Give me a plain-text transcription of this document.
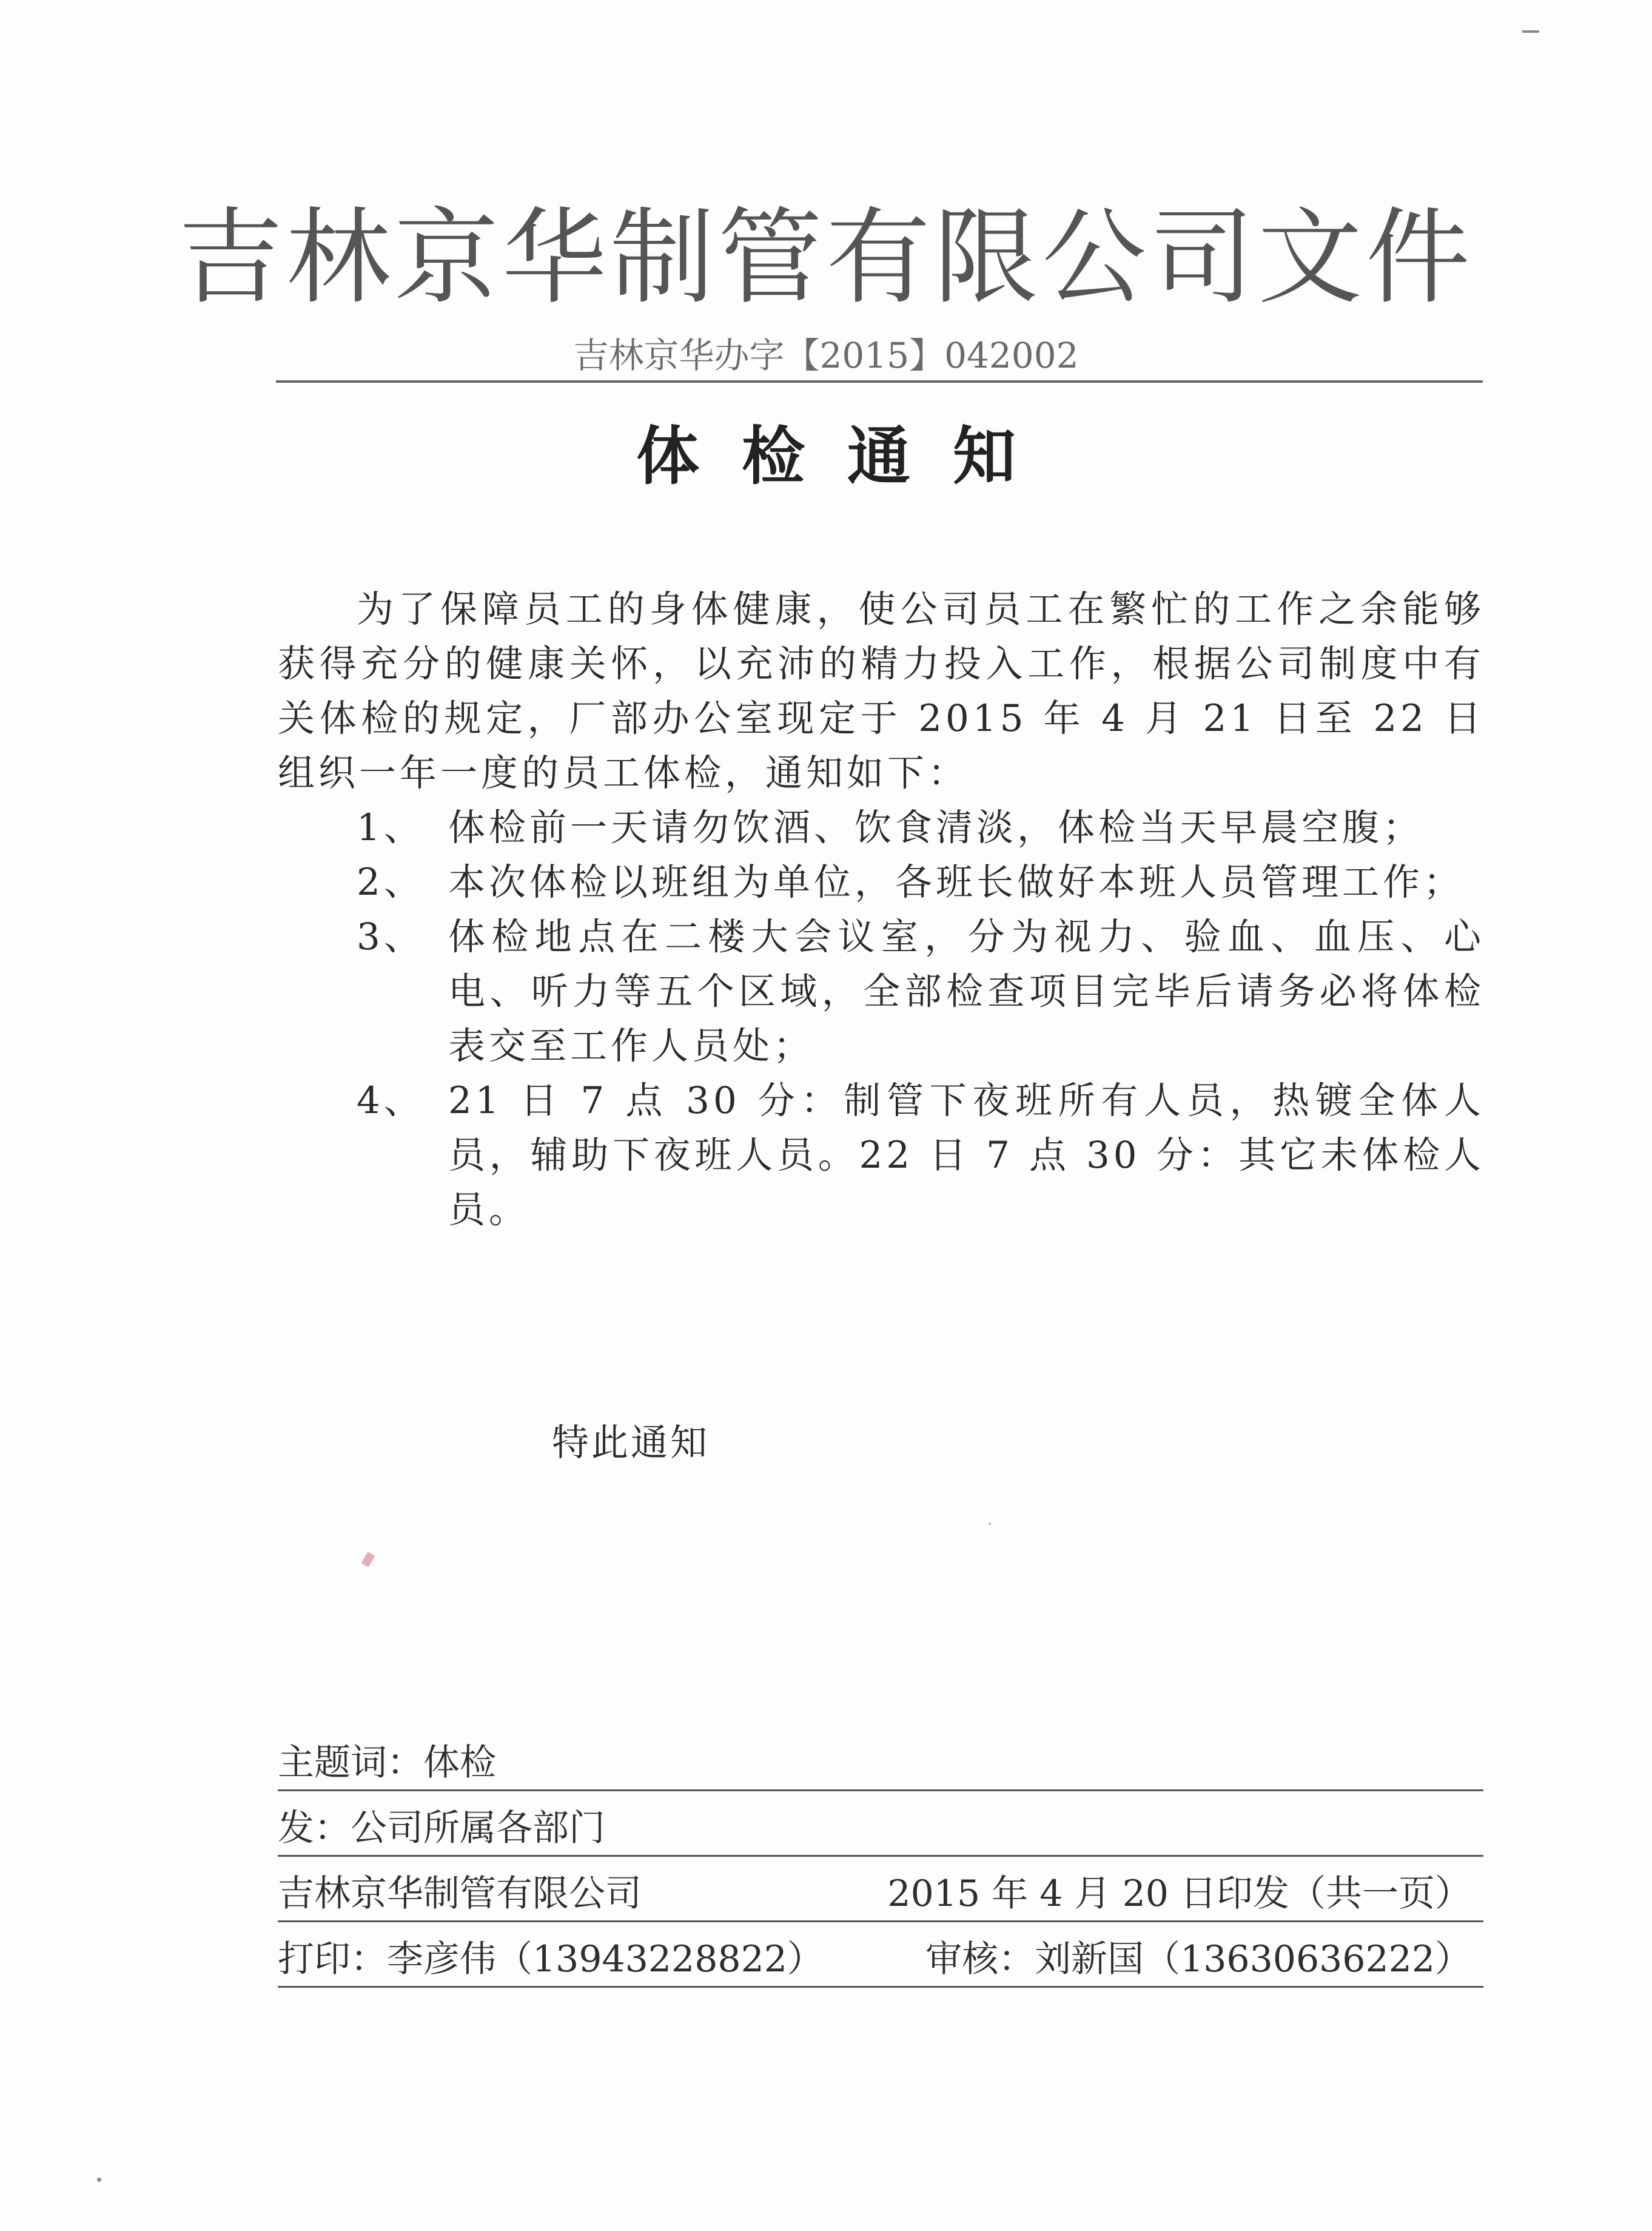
吉林京华制管有限公司文件
吉林京华办字【2015】042002
体检通知

为了保障员工的身体健康，使公司员工在繁忙的工作之余能够获得充分的健康关怀，以充沛的精力投入工作，根据公司制度中有关体检的规定，厂部办公室现定于 2015 年 4 月 21 日至 22 日组织一年一度的员工体检，通知如下：

1、 体检前一天请勿饮酒、饮食清淡，体检当天早晨空腹；
2、 本次体检以班组为单位，各班长做好本班人员管理工作；
3、 体检地点在二楼大会议室，分为视力、验血、血压、心电、听力等五个区域，全部检查项目完毕后请务必将体检表交至工作人员处；
4、 21 日 7 点 30 分：制管下夜班所有人员，热镀全体人员，辅助下夜班人员。22 日 7 点 30 分：其它未体检人员。
特此通知
主题词：体检
发：公司所属各部门
吉林京华制管有限公司	2015 年 4 月 20 日印发（共一页）
打印：李彦伟（13943228822）	审核：刘新国（13630636222）
